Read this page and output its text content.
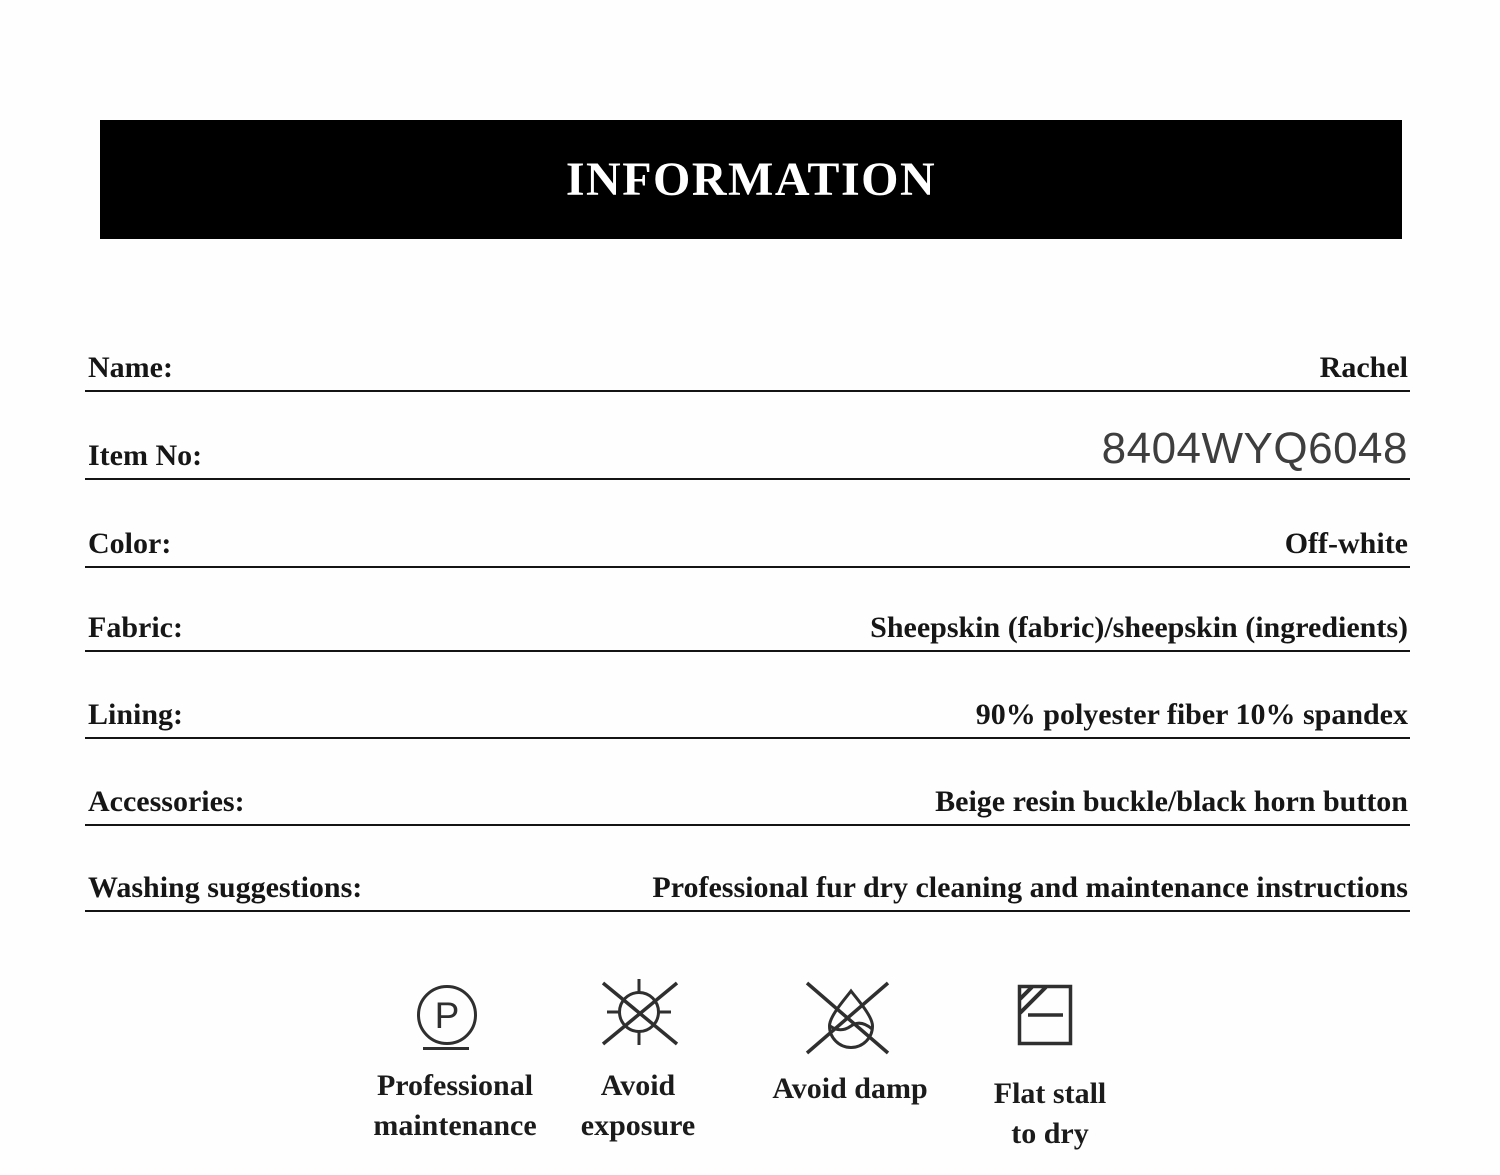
INFORMATION
Name:	Rachel
Item No:	8404WYQ6048
Color:	Off-white
Fabric:	Sheepskin (fabric)/sheepskin (ingredients)
Lining:	90% polyester fiber 10% spandex
Accessories:	Beige resin buckle/black horn button
Washing suggestions:	Professional fur dry cleaning and maintenance instructions
P
Professional
maintenance
Avoid
exposure
Avoid damp	Flat stall
to dry
